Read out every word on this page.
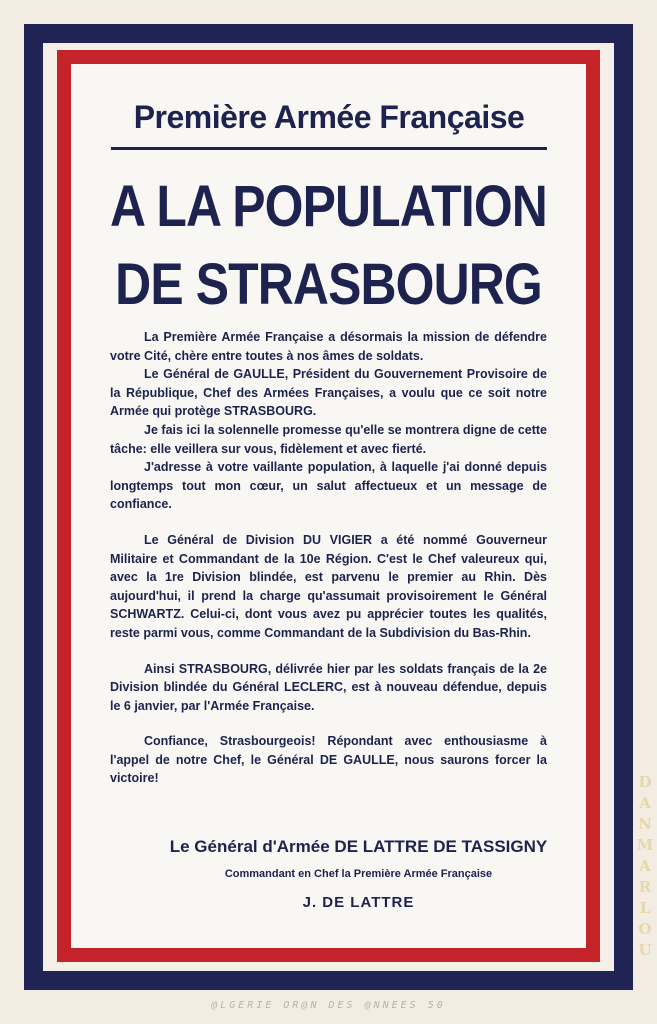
Première Armée Française
A LA POPULATION
DE STRASBOURG

La Première Armée Française a désormais la mission de défendre votre Cité, chère entre toutes à nos âmes de soldats.

Le Général de GAULLE, Président du Gouvernement Provisoire de la République, Chef des Armées Françaises, a voulu que ce soit notre Armée qui protège STRASBOURG.

Je fais ici la solennelle promesse qu'elle se montrera digne de cette tâche: elle veillera sur vous, fidèlement et avec fierté.

J'adresse à votre vaillante population, à laquelle j'ai donné depuis longtemps tout mon cœur, un salut affectueux et un message de confiance.

Le Général de Division DU VIGIER a été nommé Gouverneur Militaire et Commandant de la 10e Région. C'est le Chef valeureux qui, avec la 1re Division blindée, est parvenu le premier au Rhin. Dès aujourd'hui, il prend la charge qu'assumait provisoirement le Général SCHWARTZ. Celui-ci, dont vous avez pu apprécier toutes les qualités, reste parmi vous, comme Commandant de la Subdivision du Bas-Rhin.

Ainsi STRASBOURG, délivrée hier par les soldats français de la 2e Division blindée du Général LECLERC, est à nouveau défendue, depuis le 6 janvier, par l'Armée Française.

Confiance, Strasbourgeois! Répondant avec enthousiasme à l'appel de notre Chef, le Général DE GAULLE, nous saurons forcer la victoire!

Le Général d'Armée DE LATTRE DE TASSIGNY
Commandant en Chef la Première Armée Française
J. DE LATTRE
DANMARLOU
@LGERIE OR@N DES @NNEES 50
